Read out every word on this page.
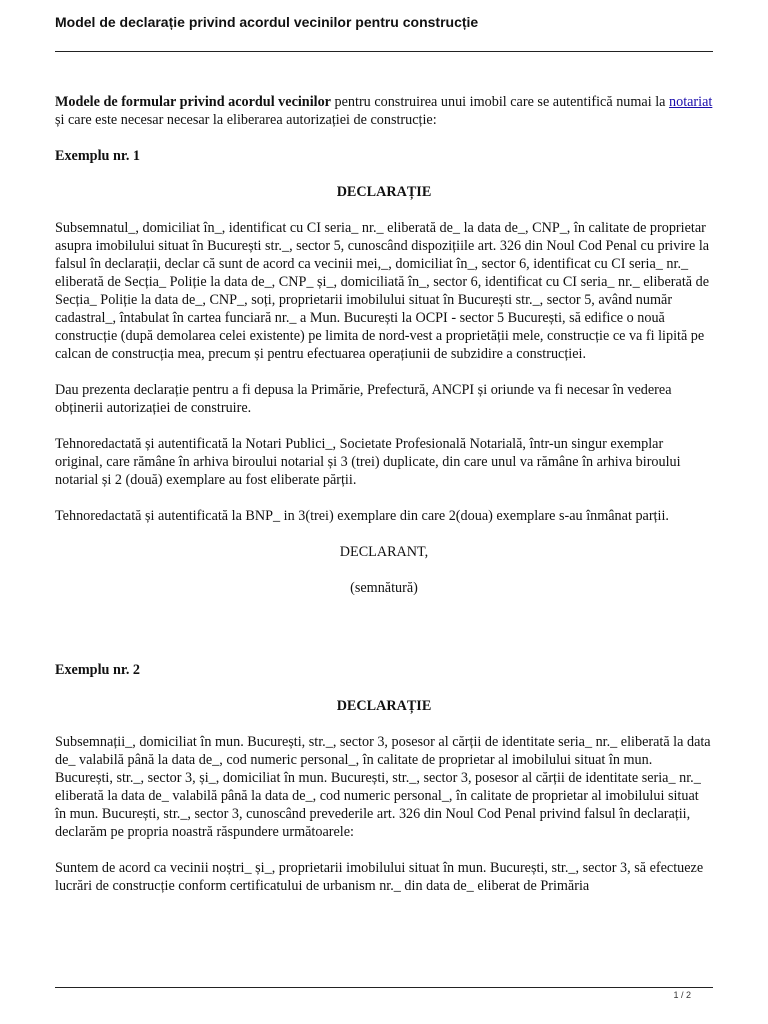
Model de declarație privind acordul vecinilor pentru construcție

Modele de formular privind acordul vecinilor pentru construirea unui imobil care se autentifică numai la notariat și care este necesar necesar la eliberarea autorizației de construcție:

Exemplu nr. 1

DECLARAȚIE

Subsemnatul_, domiciliat în_, identificat cu CI seria_ nr._ eliberată de_ la data de_, CNP_, în calitate de proprietar asupra imobilului situat în București str._, sector 5, cunoscând dispozițiile art. 326 din Noul Cod Penal cu privire la falsul în declarații, declar că sunt de acord ca vecinii mei,_, domiciliat în_, sector 6, identificat cu CI seria_ nr._ eliberată de Secția_ Poliție la data de_, CNP_ și_, domiciliată în_, sector 6, identificat cu CI seria_ nr._ eliberată de Secția_ Poliție la data de_, CNP_, soți, proprietarii imobilului situat în București str._, sector 5, având număr cadastral_, întabulat în cartea funciară nr._ a Mun. București la OCPI - sector 5 București, să edifice o nouă construcție (după demolarea celei existente) pe limita de nord-vest a proprietății mele, construcție ce va fi lipită pe calcan de construcția mea, precum și pentru efectuarea operațiunii de subzidire a construcției.

Dau prezenta declarație pentru a fi depusa la Primărie, Prefectură, ANCPI și oriunde va fi necesar în vederea obținerii autorizației de construire.

Tehnoredactată și autentificată la Notari Publici_, Societate Profesională Notarială, într-un singur exemplar original, care rămâne în arhiva biroului notarial și 3 (trei) duplicate, din care unul va rămâne în arhiva biroului notarial și 2 (două) exemplare au fost eliberate părții.

Tehnoredactată și autentificată la BNP_ in 3(trei) exemplare din care 2(doua) exemplare s-au înmânat parții.

DECLARANT,

(semnătură)

Exemplu nr. 2

DECLARAȚIE

Subsemnații_, domiciliat în mun. București, str._, sector 3, posesor al cărții de identitate seria_ nr._ eliberată la data de_ valabilă până la data de_, cod numeric personal_, în calitate de proprietar al imobilului situat în mun. București, str._, sector 3, și_, domiciliat în mun. București, str._, sector 3, posesor al cărții de identitate seria_ nr._ eliberată la data de_ valabilă până la data de_, cod numeric personal_, în calitate de proprietar al imobilului situat în mun. București, str._, sector 3, cunoscând prevederile art. 326 din Noul Cod Penal privind falsul în declarații, declarăm pe propria noastră răspundere următoarele:

Suntem de acord ca vecinii noștri_ și_, proprietarii imobilului situat în mun. București, str._, sector 3, să efectueze lucrări de construcție conform certificatului de urbanism nr._ din data de_ eliberat de Primăria

1 / 2
